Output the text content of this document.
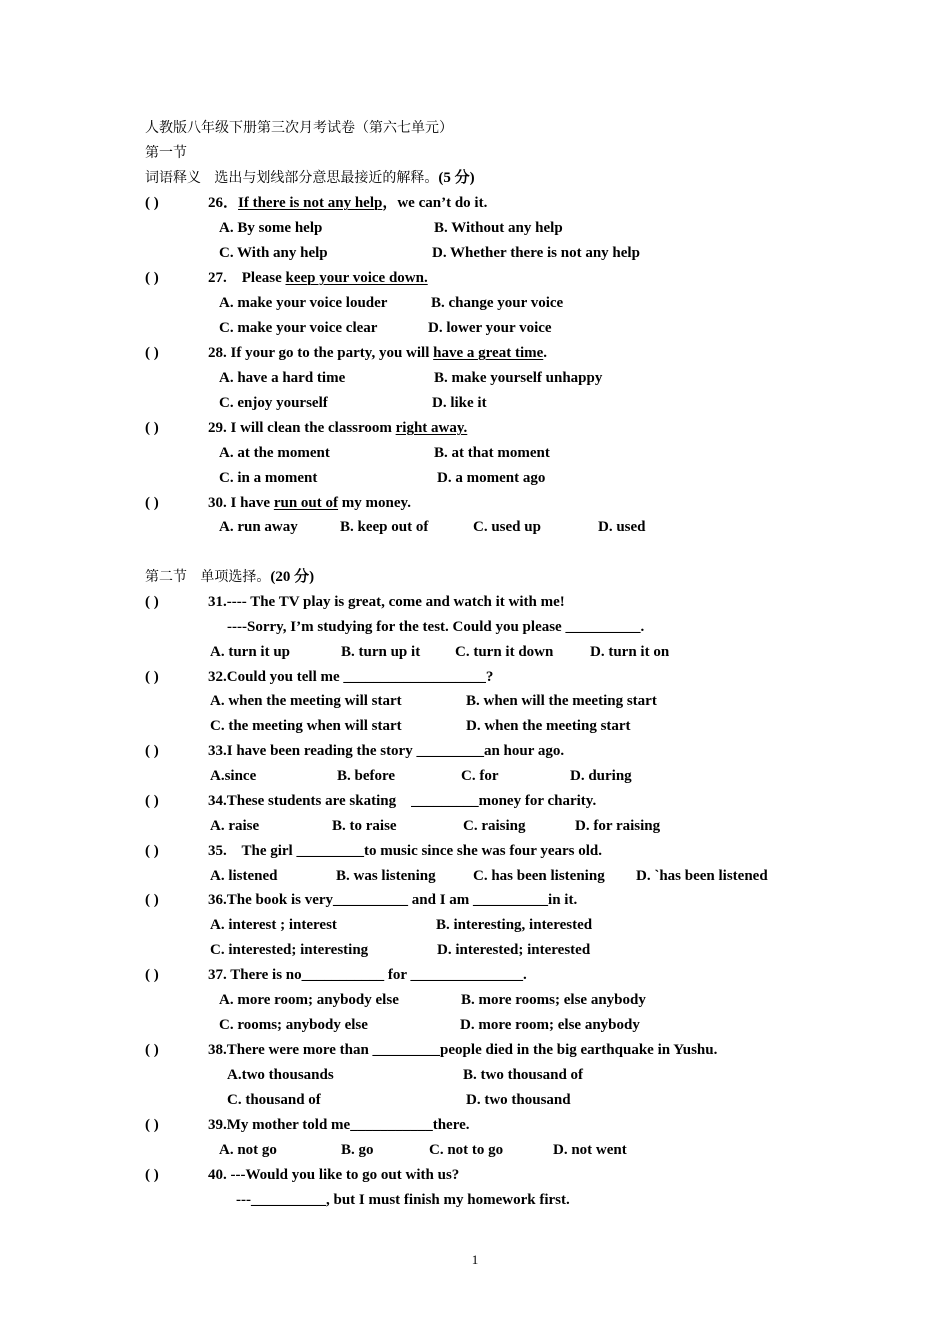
人教版八年级下册第三次月考试卷（第六七单元）
第一节
词语释义   选出与划线部分意思最接近的解释。(5 分)
( )	26．If there is not any help，we can’t do it.
A. By some help	B. Without any help
C. With any help	D. Whether there is not any help
( )	27.    Please keep your voice down.
A. make your voice louder	B. change your voice
C. make your voice clear	D. lower your voice
( )	28. If your go to the party, you will have a great time.
A. have a hard time	B. make yourself unhappy
C. enjoy yourself	D. like it
( )	29. I will clean the classroom right away.
A. at the moment	B. at that moment
C. in a moment	D. a moment ago
( )	30. I have run out of my money.
A. run away	B. keep out of	C. used up	D. used
第二节   单项选择。(20 分)
( )	31.---- The TV play is great, come and watch it with me!
----Sorry, I’m studying for the test. Could you please __________.
A. turn it up	B. turn up it C. turn it down D. turn it on
( )	32.Could you tell me ___________________?
A. when the meeting will start	B. when will the meeting start
C. the meeting when will start	D. when the meeting start
( )	33.I have been reading the story _________an hour ago.
A.since	B. before	C. for	D. during
( )	34.These students are skating    _________money for charity.
A. raise	B. to raise	C. raising	D. for raising
( )	35.    The girl _________to music since she was four years old.
A. listened	B. was listening C. has been listening D. `has been listened
( )	36.The book is very__________ and I am __________in it.
A. interest ; interest	B. interesting, interested
C. interested; interesting	D. interested; interested
( )	37. There is no___________ for _______________.
A. more room; anybody else	B. more rooms; else anybody
C. rooms; anybody else	D. more room; else anybody
( )	38.There were more than _________people died in the big earthquake in Yushu.
A.two thousands	B. two thousand of
C. thousand of	D. two thousand
( )	39.My mother told me___________there.
A. not go	B. go	C. not to go	D. not went
( )	40. ---Would you like to go out with us?
---__________, but I must finish my homework first.
1
